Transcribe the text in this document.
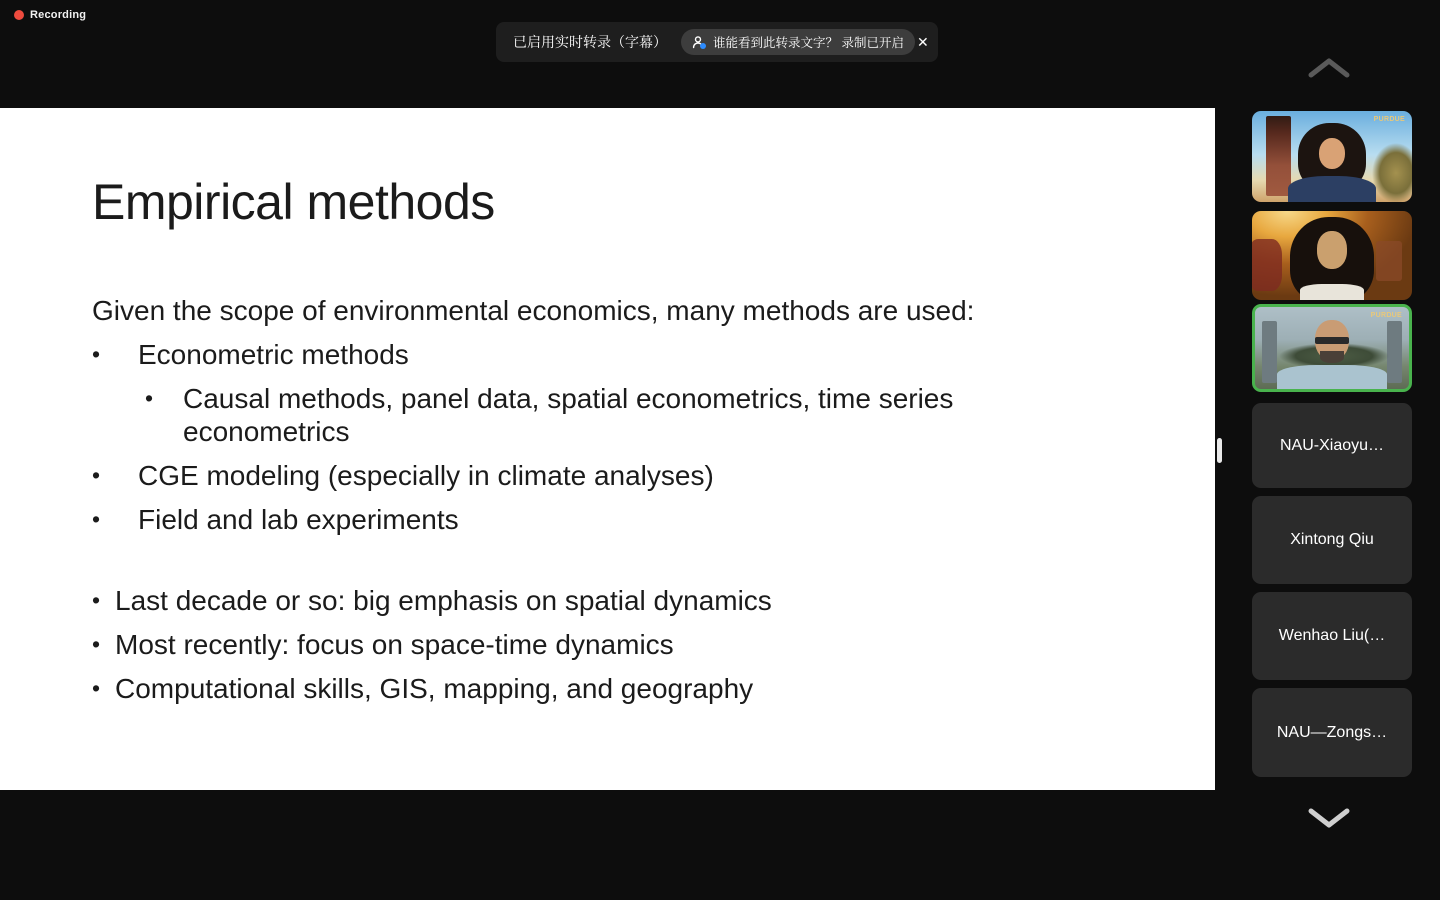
Recording
已启用实时转录（字幕）	谁能看到此转录文字？ 录制已开启 ✕
Empirical methods
Given the scope of environmental economics, many methods are used:
•	Econometric methods
•	Causal methods, panel data, spatial econometrics, time series econometrics
•	CGE modeling (especially in climate analyses)
•	Field and lab experiments
• Last decade or so: big emphasis on spatial dynamics
• Most recently: focus on space-time dynamics
• Computational skills, GIS, mapping, and geography
PURDUE
PURDUE
NAU-Xiaoyu…
Xintong Qiu
Wenhao Liu(…
NAU—Zongs…
